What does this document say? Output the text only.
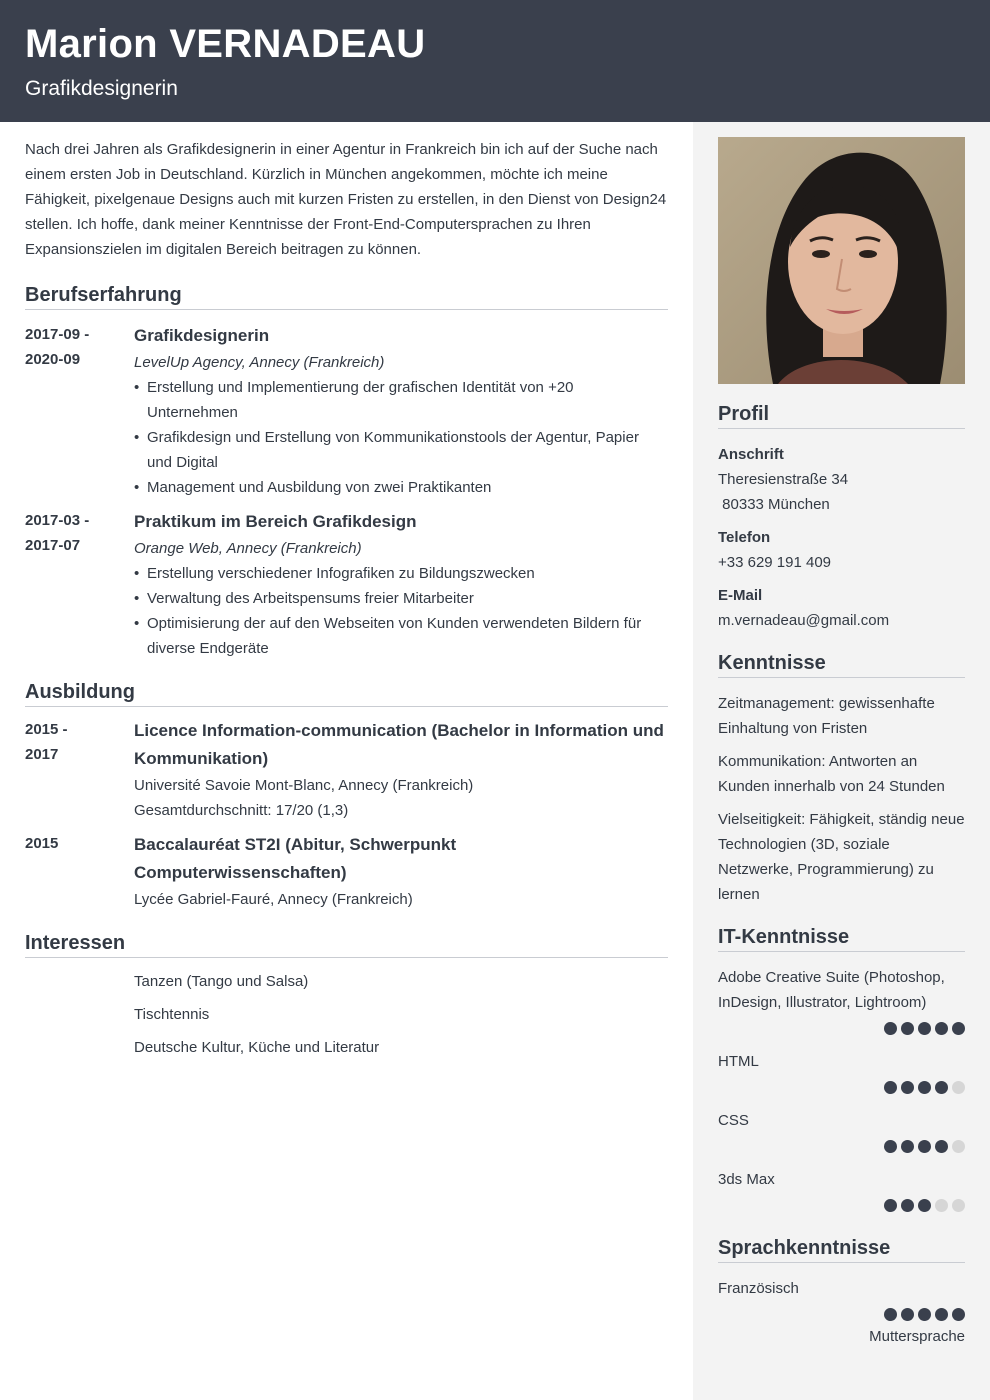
Marion VERNADEAU
Grafikdesignerin

Nach drei Jahren als Grafikdesignerin in einer Agentur in Frankreich bin ich auf der Suche nach einem ersten Job in Deutschland. Kürzlich in München angekommen, möchte ich meine Fähigkeit, pixelgenaue Designs auch mit kurzen Fristen zu erstellen, in den Dienst von Design24 stellen. Ich hoffe, dank meiner Kenntnisse der Front-End-Computersprachen zu Ihren Expansionszielen im digitalen Bereich beitragen zu können.

Berufserfahrung
2017-09 -
2020-09
Grafikdesignerin
LevelUp Agency, Annecy (Frankreich)
• Erstellung und Implementierung der grafischen Identität von +20 Unternehmen
• Grafikdesign und Erstellung von Kommunikationstools der Agentur, Papier und Digital
• Management und Ausbildung von zwei Praktikanten
2017-03 -
2017-07
Praktikum im Bereich Grafikdesign
Orange Web, Annecy (Frankreich)
• Erstellung verschiedener Infografiken zu Bildungszwecken
• Verwaltung des Arbeitspensums freier Mitarbeiter
• Optimisierung der auf den Webseiten von Kunden verwendeten Bildern für diverse Endgeräte
Ausbildung
2015 -
2017
Licence Information-communication (Bachelor in Information und Kommunikation)
Université Savoie Mont-Blanc, Annecy (Frankreich)
Gesamtdurchschnitt: 17/20 (1,3)
2015	Baccalauréat ST2I (Abitur, Schwerpunkt Computerwissenschaften)
Lycée Gabriel-Fauré, Annecy (Frankreich)
Interessen
Tanzen (Tango und Salsa)
Tischtennis
Deutsche Kultur, Küche und Literatur
Profil
Anschrift
Theresienstraße 34
80333 München
Telefon
+33 629 191 409
E-Mail
m.vernadeau@gmail.com
Kenntnisse
Zeitmanagement: gewissenhafte Einhaltung von Fristen
Kommunikation: Antworten an Kunden innerhalb von 24 Stunden
Vielseitigkeit: Fähigkeit, ständig neue Technologien (3D, soziale Netzwerke, Programmierung) zu lernen
IT-Kenntnisse
Adobe Creative Suite (Photoshop, InDesign, Illustrator, Lightroom)
HTML
CSS
3ds Max
Sprachkenntnisse
Französisch
Muttersprache
